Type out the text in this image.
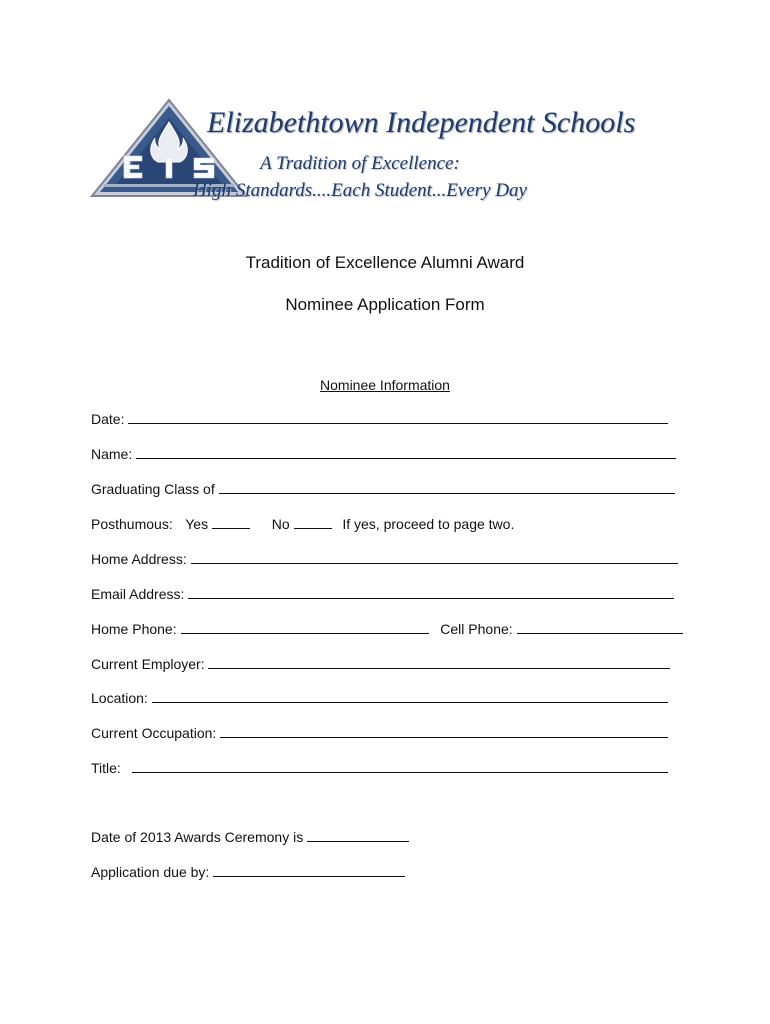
Elizabethtown Independent Schools
A Tradition of Excellence:
High Standards....Each Student...Every Day
Tradition of Excellence Alumni Award
Nominee Application Form
Nominee Information
Date:
Name:
Graduating Class of
Posthumous: Yes	No	If yes, proceed to page two.
Home Address:
Email Address:
Home Phone:	Cell Phone:
Current Employer:
Location:
Current Occupation:
Title:
Date of 2013 Awards Ceremony is
Application due by:
